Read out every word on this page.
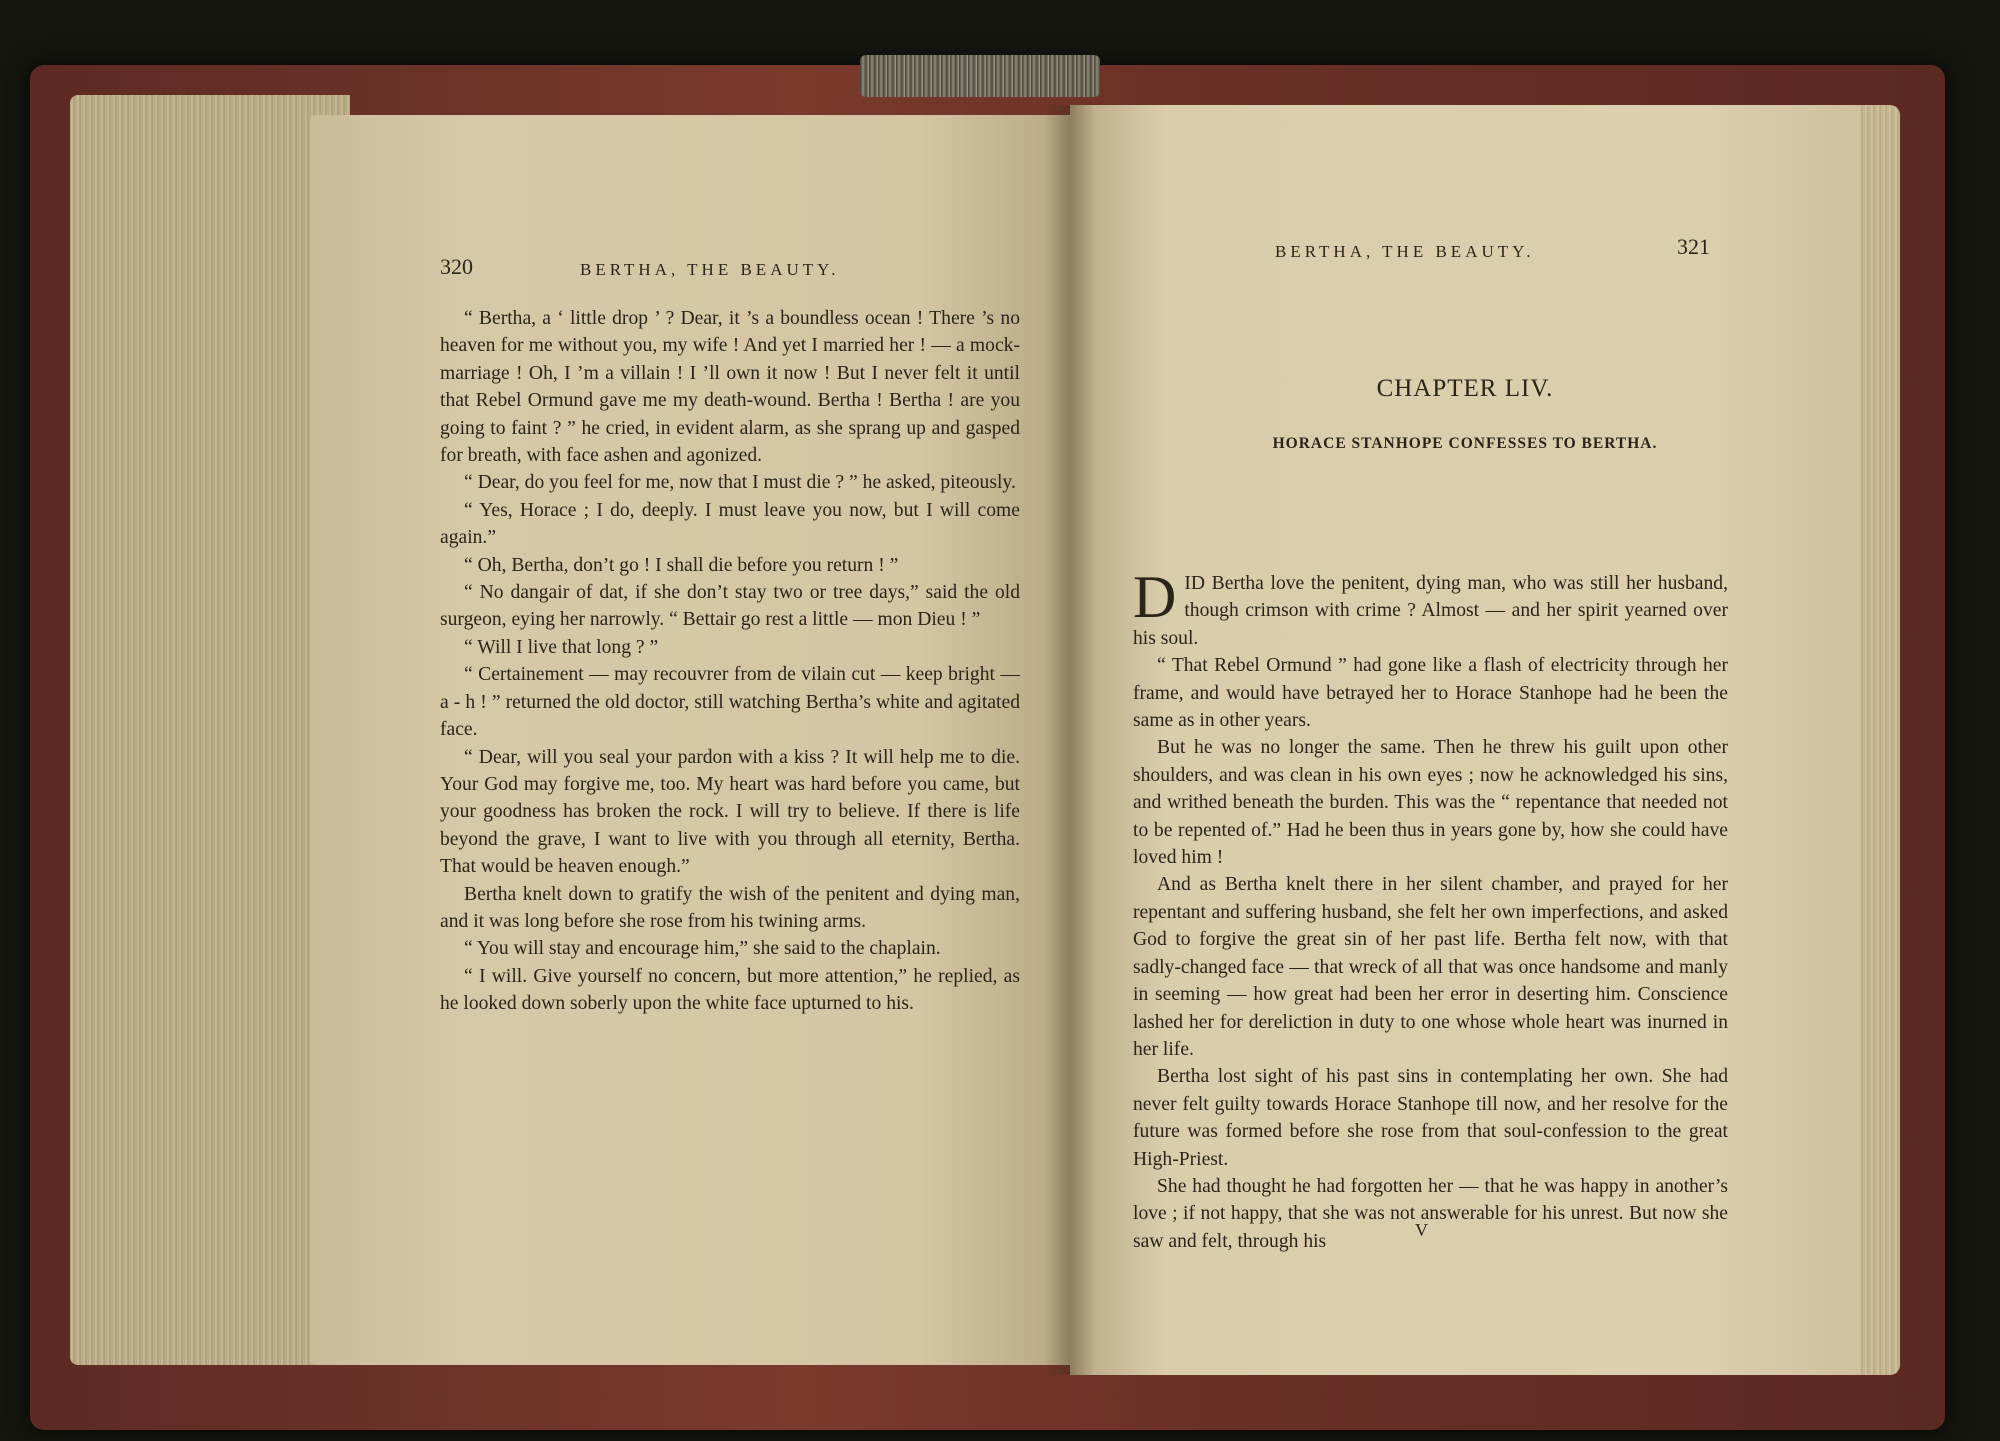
320	BERTHA, THE BEAUTY.

“ Bertha, a ‘ little drop ’ ? Dear, it ’s a boundless ocean ! There ’s no heaven for me without you, my wife ! And yet I married her ! — a mock-marriage ! Oh, I ’m a villain ! I ’ll own it now ! But I never felt it until that Rebel Ormund gave me my death-wound. Bertha ! Bertha ! are you going to faint ? ” he cried, in evident alarm, as she sprang up and gasped for breath, with face ashen and agonized.

“ Dear, do you feel for me, now that I must die ? ” he asked, piteously.

“ Yes, Horace ; I do, deeply. I must leave you now, but I will come again.”

“ Oh, Bertha, don’t go ! I shall die before you return ! ”

“ No dangair of dat, if she don’t stay two or tree days,” said the old surgeon, eying her narrowly. “ Bettair go rest a little — mon Dieu ! ”

“ Will I live that long ? ”

“ Certainement — may recouvrer from de vilain cut — keep bright — a - h ! ” returned the old doctor, still watching Bertha’s white and agitated face.

“ Dear, will you seal your pardon with a kiss ? It will help me to die. Your God may forgive me, too. My heart was hard before you came, but your goodness has broken the rock. I will try to believe. If there is life beyond the grave, I want to live with you through all eternity, Bertha. That would be heaven enough.”

Bertha knelt down to gratify the wish of the penitent and dying man, and it was long before she rose from his twining arms.

“ You will stay and encourage him,” she said to the chaplain.

“ I will. Give yourself no concern, but more attention,” he replied, as he looked down soberly upon the white face upturned to his.

BERTHA, THE BEAUTY.	321
CHAPTER LIV.
HORACE STANHOPE CONFESSES TO BERTHA.

DID Bertha love the penitent, dying man, who was still her husband, though crimson with crime ? Almost — and her spirit yearned over his soul.

“ That Rebel Ormund ” had gone like a flash of electricity through her frame, and would have betrayed her to Horace Stanhope had he been the same as in other years.

But he was no longer the same. Then he threw his guilt upon other shoulders, and was clean in his own eyes ; now he acknowledged his sins, and writhed beneath the burden. This was the “ repentance that needed not to be repented of.” Had he been thus in years gone by, how she could have loved him !

And as Bertha knelt there in her silent chamber, and prayed for her repentant and suffering husband, she felt her own imperfections, and asked God to forgive the great sin of her past life. Bertha felt now, with that sadly-changed face — that wreck of all that was once handsome and manly in seeming — how great had been her error in deserting him. Conscience lashed her for dereliction in duty to one whose whole heart was inurned in her life.

Bertha lost sight of his past sins in contemplating her own. She had never felt guilty towards Horace Stanhope till now, and her resolve for the future was formed before she rose from that soul-confession to the great High-Priest.

She had thought he had forgotten her — that he was happy in another’s love ; if not happy, that she was not answerable for his unrest. But now she saw and felt, through his

V
